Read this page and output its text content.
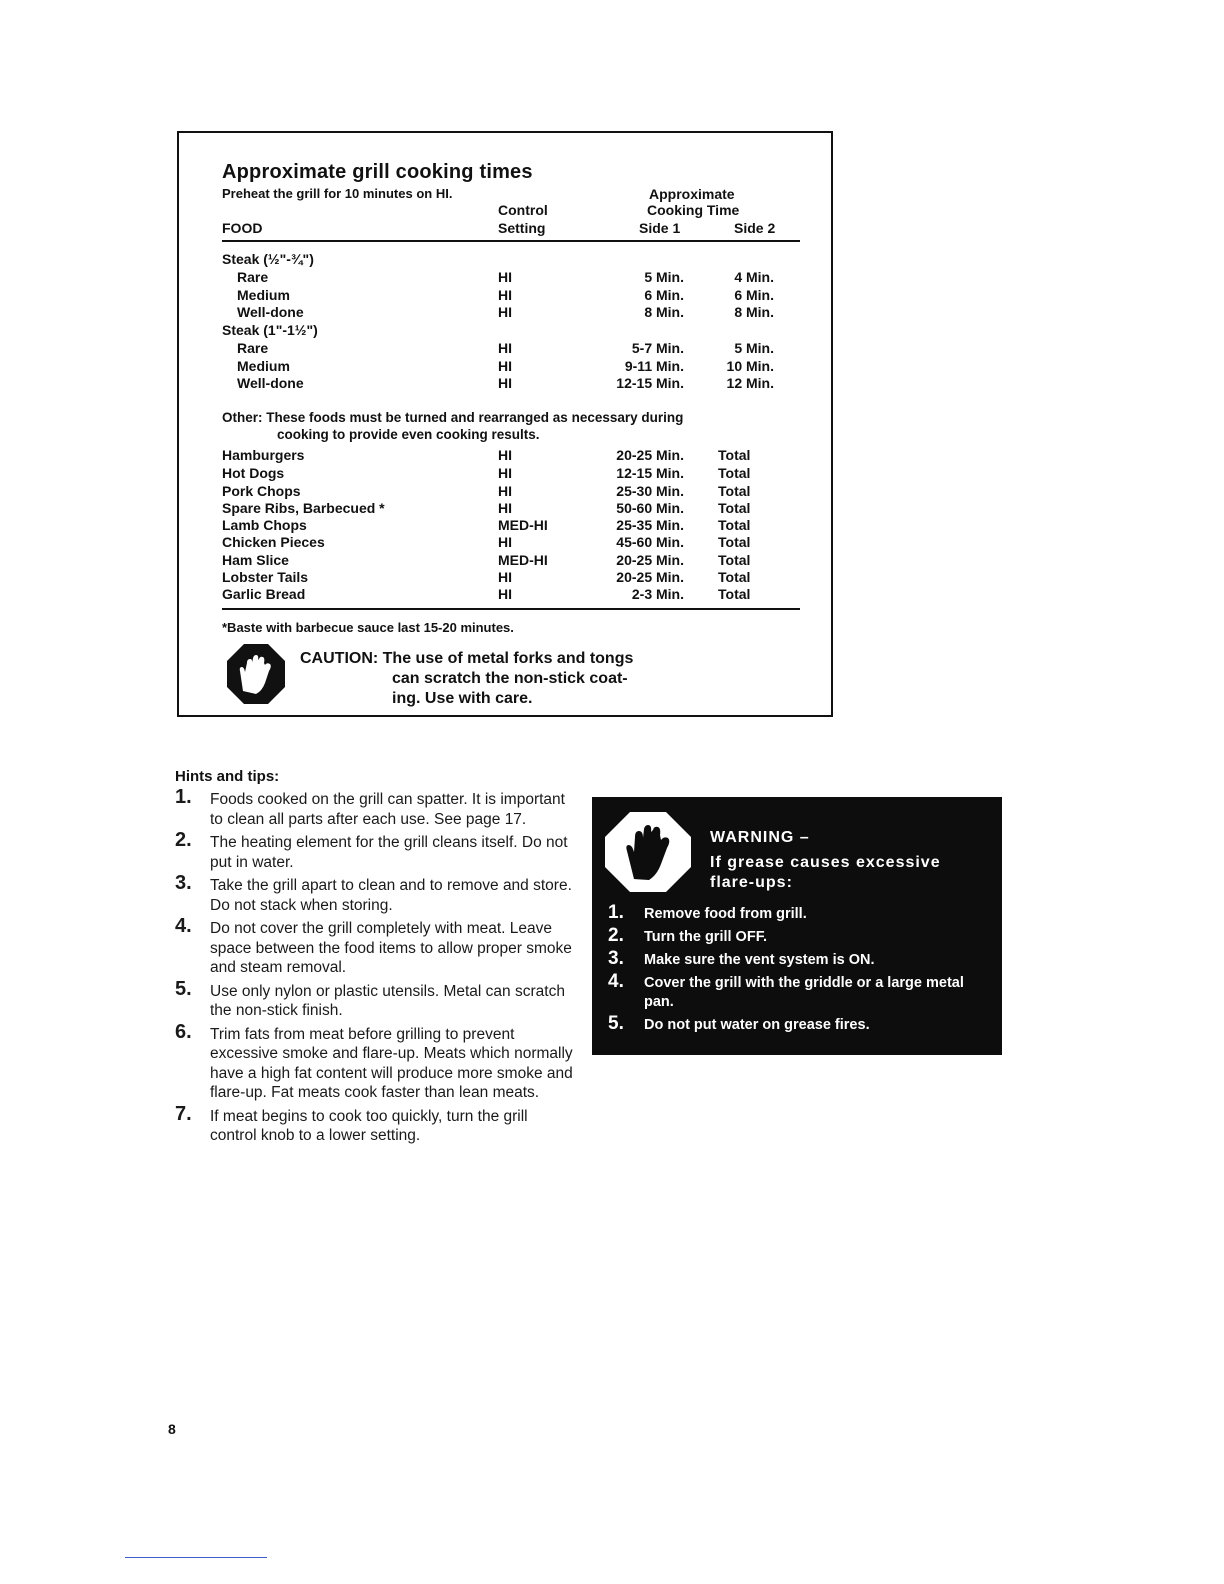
Approximate grill cooking times
Preheat the grill for 10 minutes on HI.
FOOD
Control
Setting
Approximate
Cooking Time
Side 1	Side 2
Steak (½"-¾")
Rare	HI	5 Min.	4 Min.
Medium	HI	6 Min.	6 Min.
Well-done	HI	8 Min.	8 Min.
Steak (1"-1½")
Rare	HI	5-7 Min.	5 Min.
Medium	HI	9-11 Min.	10 Min.
Well-done	HI	12-15 Min.	12 Min.
Other: These foods must be turned and rearranged as necessary during
cooking to provide even cooking results.
Hamburgers	HI	20-25 Min. Total
Hot Dogs	HI	12-15 Min. Total
Pork Chops	HI	25-30 Min. Total
Spare Ribs, Barbecued *	HI	50-60 Min. Total
Lamb Chops	MED-HI	25-35 Min. Total
Chicken Pieces	HI	45-60 Min. Total
Ham Slice	MED-HI	20-25 Min. Total
Lobster Tails	HI	20-25 Min. Total
Garlic Bread	HI	2-3 Min. Total
*Baste with barbecue sauce last 15-20 minutes.
CAUTION: The use of metal forks and tongs
can scratch the non-stick coat-
ing. Use with care.
Hints and tips:
1. Foods cooked on the grill can spatter. It is important to clean all parts after each use. See page 17.
2. The heating element for the grill cleans itself. Do not put in water.
3. Take the grill apart to clean and to remove and store. Do not stack when storing.
4. Do not cover the grill completely with meat. Leave space between the food items to allow proper smoke and steam removal.
5. Use only nylon or plastic utensils. Metal can scratch the non-stick finish.
6. Trim fats from meat before grilling to prevent excessive smoke and flare-up. Meats which normally have a high fat content will produce more smoke and flare-up. Fat meats cook faster than lean meats.
7. If meat begins to cook too quickly, turn the grill control knob to a lower setting.
WARNING –
If grease causes excessive
flare-ups:
1. Remove food from grill.
2. Turn the grill OFF.
3. Make sure the vent system is ON.
4. Cover the grill with the griddle or a large metal pan.
5. Do not put water on grease fires.
8
